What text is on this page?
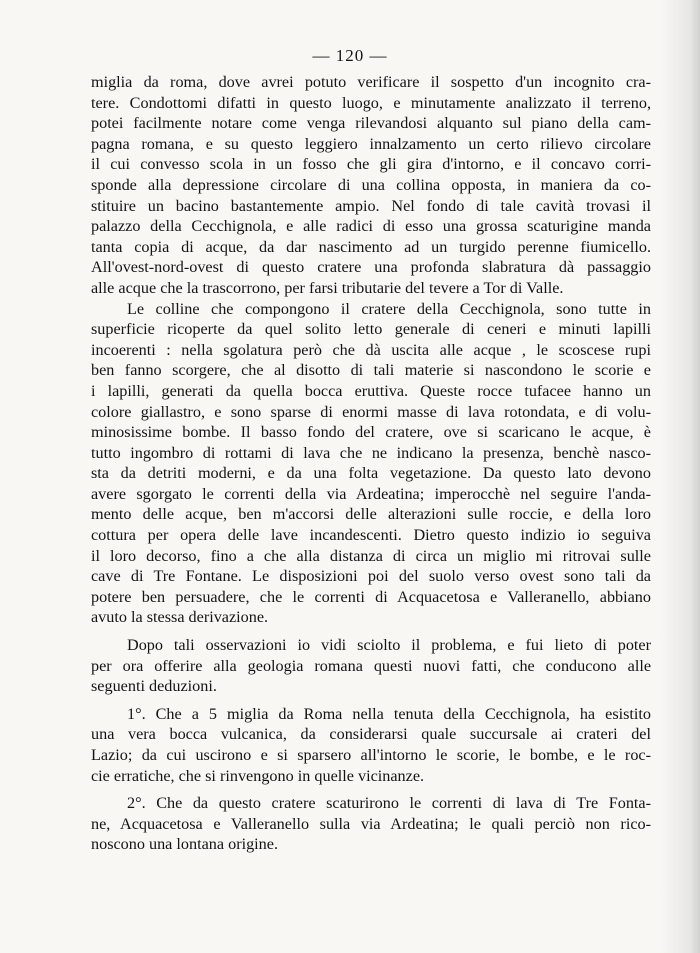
— 120 —
miglia da roma, dove avrei potuto verificare il sospetto d'un incognito cra-
tere. Condottomi difatti in questo luogo, e minutamente analizzato il terreno,
potei facilmente notare come venga rilevandosi alquanto sul piano della cam-
pagna romana, e su questo leggiero innalzamento un certo rilievo circolare
il cui convesso scola in un fosso che gli gira d'intorno, e il concavo corri-
sponde alla depressione circolare di una collina opposta, in maniera da co-
stituire un bacino bastantemente ampio. Nel fondo di tale cavità trovasi il
palazzo della Cecchignola, e alle radici di esso una grossa scaturigine manda
tanta copia di acque, da dar nascimento ad un turgido perenne fiumicello.
All'ovest-nord-ovest di questo cratere una profonda slabratura dà passaggio
alle acque che la trascorrono, per farsi tributarie del tevere a Tor di Valle.
Le colline che compongono il cratere della Cecchignola, sono tutte in
superficie ricoperte da quel solito letto generale di ceneri e minuti lapilli
incoerenti : nella sgolatura però che dà uscita alle acque , le scoscese rupi
ben fanno scorgere, che al disotto di tali materie si nascondono le scorie e
i lapilli, generati da quella bocca eruttiva. Queste rocce tufacee hanno un
colore giallastro, e sono sparse di enormi masse di lava rotondata, e di volu-
minosissime bombe. Il basso fondo del cratere, ove si scaricano le acque, è
tutto ingombro di rottami di lava che ne indicano la presenza, benchè nasco-
sta da detriti moderni, e da una folta vegetazione. Da questo lato devono
avere sgorgato le correnti della via Ardeatina; imperocchè nel seguire l'anda-
mento delle acque, ben m'accorsi delle alterazioni sulle roccie, e della loro
cottura per opera delle lave incandescenti. Dietro questo indizio io seguiva
il loro decorso, fino a che alla distanza di circa un miglio mi ritrovai sulle
cave di Tre Fontane. Le disposizioni poi del suolo verso ovest sono tali da
potere ben persuadere, che le correnti di Acquacetosa e Valleranello, abbiano
avuto la stessa derivazione.
Dopo tali osservazioni io vidi sciolto il problema, e fui lieto di poter
per ora offerire alla geologia romana questi nuovi fatti, che conducono alle
seguenti deduzioni.
1°. Che a 5 miglia da Roma nella tenuta della Cecchignola, ha esistito
una vera bocca vulcanica, da considerarsi quale succursale ai crateri del
Lazio; da cui uscirono e si sparsero all'intorno le scorie, le bombe, e le roc-
cie erratiche, che si rinvengono in quelle vicinanze.
2°. Che da questo cratere scaturirono le correnti di lava di Tre Fonta-
ne, Acquacetosa e Valleranello sulla via Ardeatina; le quali perciò non rico-
noscono una lontana origine.
